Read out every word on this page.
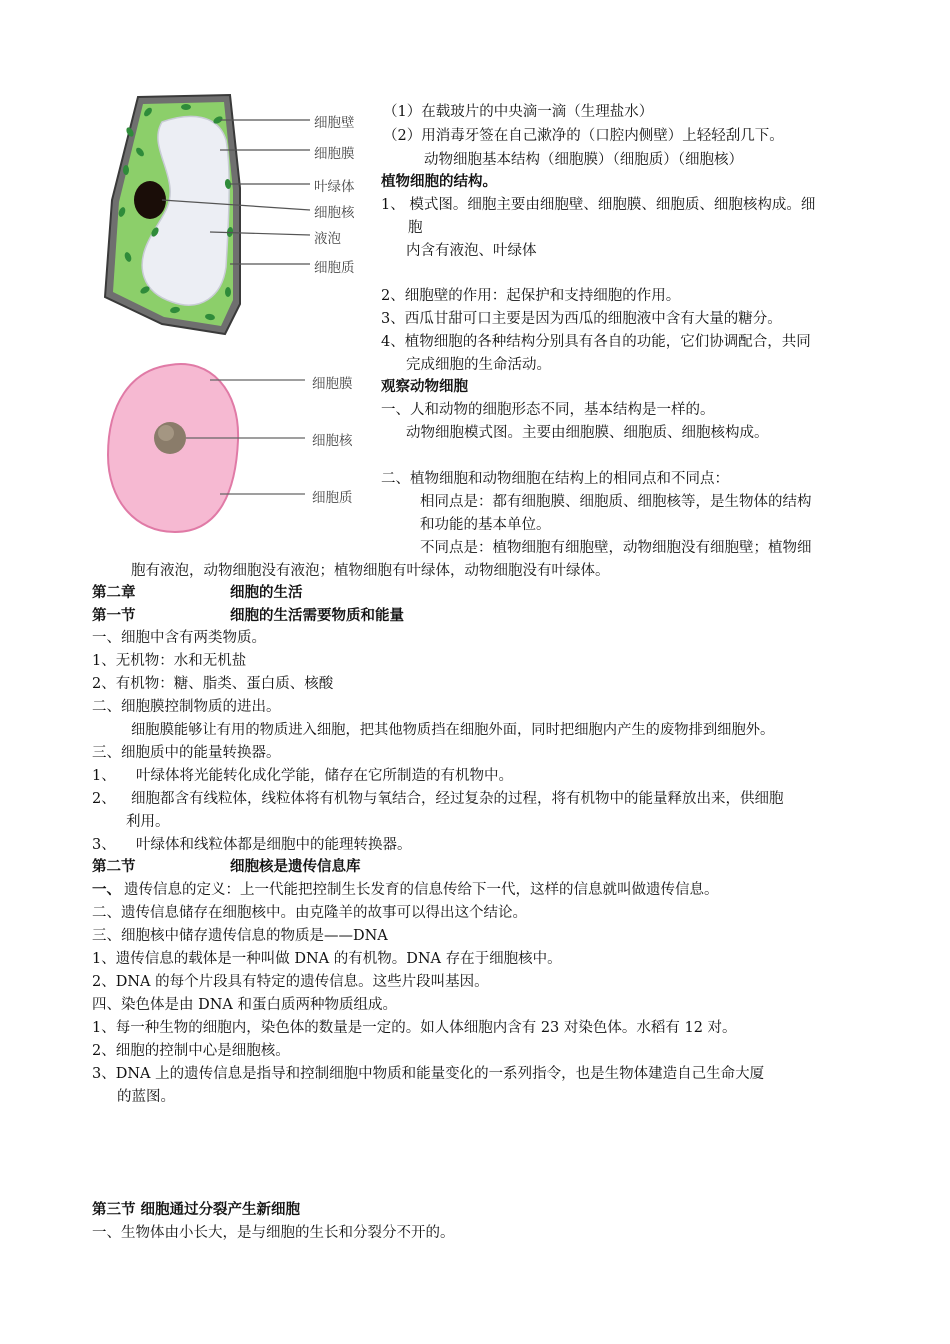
细胞壁
细胞膜
叶绿体
细胞核
液泡
细胞质
细胞膜
细胞核
细胞质
（1）在载玻片的中央滴一滴（生理盐水）
（2）用消毒牙签在自己漱净的（口腔内侧壁）上轻轻刮几下。
动物细胞基本结构（细胞膜）（细胞质）（细胞核）
植物细胞的结构。
1、 模式图。细胞主要由细胞壁、细胞膜、细胞质、细胞核构成。细
胞
内含有液泡、叶绿体
2、细胞壁的作用：起保护和支持细胞的作用。
3、西瓜甘甜可口主要是因为西瓜的细胞液中含有大量的糖分。
4、植物细胞的各种结构分别具有各自的功能，它们协调配合，共同
完成细胞的生命活动。
观察动物细胞
一、人和动物的细胞形态不同，基本结构是一样的。
动物细胞模式图。主要由细胞膜、细胞质、细胞核构成。
二、植物细胞和动物细胞在结构上的相同点和不同点：
相同点是：都有细胞膜、细胞质、细胞核等，是生物体的结构
和功能的基本单位。
不同点是：植物细胞有细胞壁，动物细胞没有细胞壁；植物细
胞有液泡，动物细胞没有液泡；植物细胞有叶绿体，动物细胞没有叶绿体。
第二章	细胞的生活
第一节	细胞的生活需要物质和能量
一、细胞中含有两类物质。
1、无机物：水和无机盐
2、有机物：糖、脂类、蛋白质、核酸
二、细胞膜控制物质的进出。
细胞膜能够让有用的物质进入细胞，把其他物质挡在细胞外面，同时把细胞内产生的废物排到细胞外。
三、细胞质中的能量转换器。
1、 叶绿体将光能转化成化学能，储存在它所制造的有机物中。
2、 细胞都含有线粒体，线粒体将有机物与氧结合，经过复杂的过程，将有机物中的能量释放出来，供细胞
利用。
3、 叶绿体和线粒体都是细胞中的能理转换器。
第二节	细胞核是遗传信息库
一、 遗传信息的定义：上一代能把控制生长发育的信息传给下一代，这样的信息就叫做遗传信息。
二、遗传信息储存在细胞核中。由克隆羊的故事可以得出这个结论。
三、细胞核中储存遗传信息的物质是——DNA
1、遗传信息的载体是一种叫做 DNA 的有机物。DNA 存在于细胞核中。
2、DNA 的每个片段具有特定的遗传信息。这些片段叫基因。
四、染色体是由 DNA 和蛋白质两种物质组成。
1、每一种生物的细胞内，染色体的数量是一定的。如人体细胞内含有 23 对染色体。水稻有 12 对。
2、细胞的控制中心是细胞核。
3、DNA 上的遗传信息是指导和控制细胞中物质和能量变化的一系列指令，也是生物体建造自己生命大厦
的蓝图。
第三节 细胞通过分裂产生新细胞
一、生物体由小长大，是与细胞的生长和分裂分不开的。
